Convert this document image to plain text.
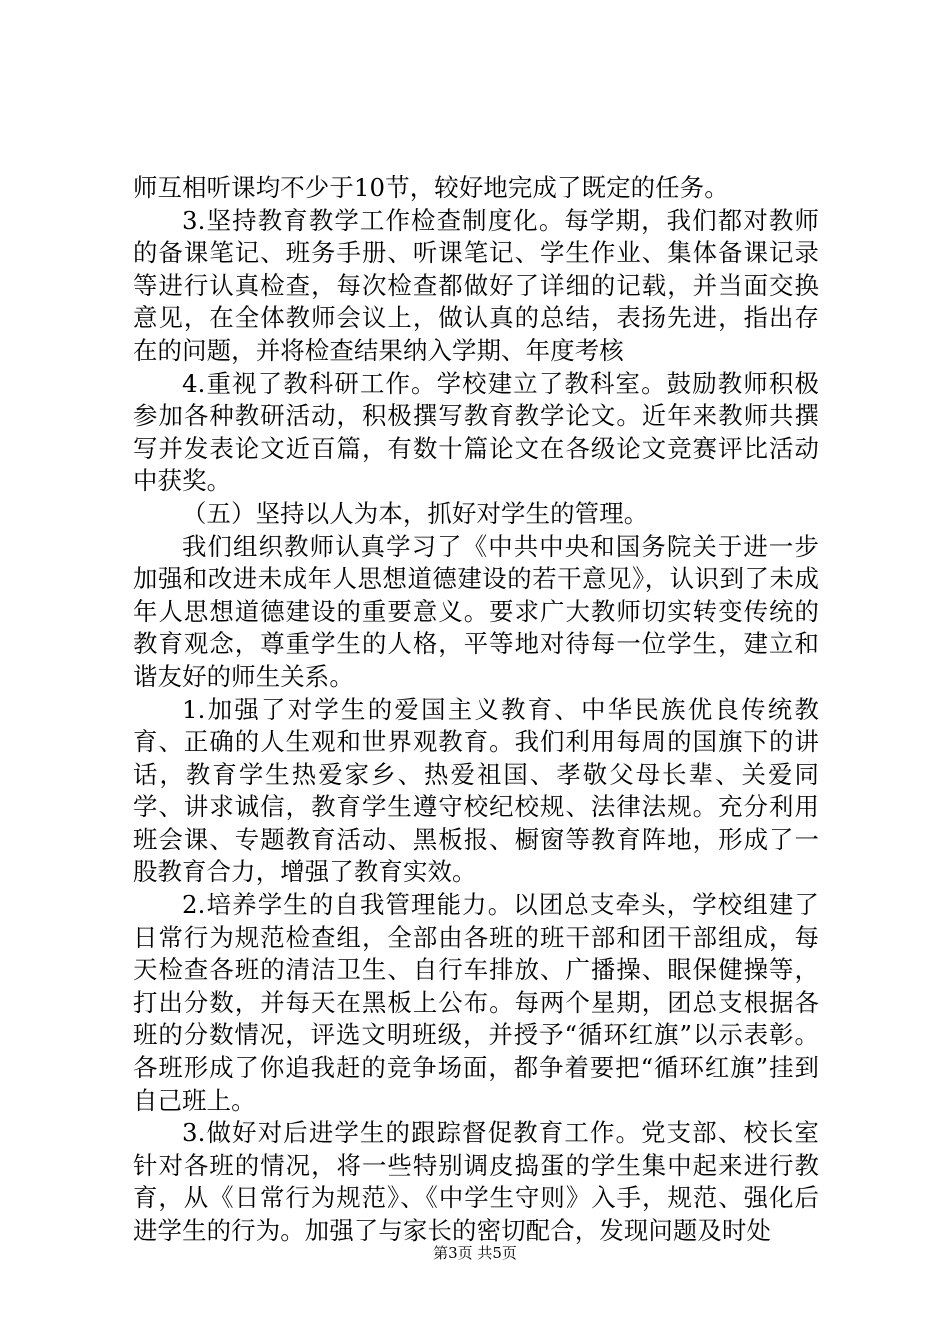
师互相听课均不少于10节，较好地完成了既定的任务。

3.坚持教育教学工作检查制度化。每学期，我们都对教师的备课笔记、班务手册、听课笔记、学生作业、集体备课记录等进行认真检查，每次检查都做好了详细的记载，并当面交换意见，在全体教师会议上，做认真的总结，表扬先进，指出存在的问题，并将检查结果纳入学期、年度考核

4.重视了教科研工作。学校建立了教科室。鼓励教师积极参加各种教研活动，积极撰写教育教学论文。近年来教师共撰写并发表论文近百篇，有数十篇论文在各级论文竞赛评比活动中获奖。

（五）坚持以人为本，抓好对学生的管理。

我们组织教师认真学习了《中共中央和国务院关于进一步加强和改进未成年人思想道德建设的若干意见》，认识到了未成年人思想道德建设的重要意义。要求广大教师切实转变传统的教育观念，尊重学生的人格，平等地对待每一位学生，建立和谐友好的师生关系。

1.加强了对学生的爱国主义教育、中华民族优良传统教育、正确的人生观和世界观教育。我们利用每周的国旗下的讲话，教育学生热爱家乡、热爱祖国、孝敬父母长辈、关爱同学、讲求诚信，教育学生遵守校纪校规、法律法规。充分利用班会课、专题教育活动、黑板报、橱窗等教育阵地，形成了一股教育合力，增强了教育实效。

2.培养学生的自我管理能力。以团总支牵头，学校组建了日常行为规范检查组，全部由各班的班干部和团干部组成，每天检查各班的清洁卫生、自行车排放、广播操、眼保健操等，打出分数，并每天在黑板上公布。每两个星期，团总支根据各班的分数情况，评选文明班级，并授予“循环红旗”以示表彰。各班形成了你追我赶的竞争场面，都争着要把“循环红旗”挂到自己班上。

3.做好对后进学生的跟踪督促教育工作。党支部、校长室针对各班的情况，将一些特别调皮捣蛋的学生集中起来进行教育，从《日常行为规范》、《中学生守则》入手，规范、强化后进学生的行为。加强了与家长的密切配合，发现问题及时处

第3页 共5页
